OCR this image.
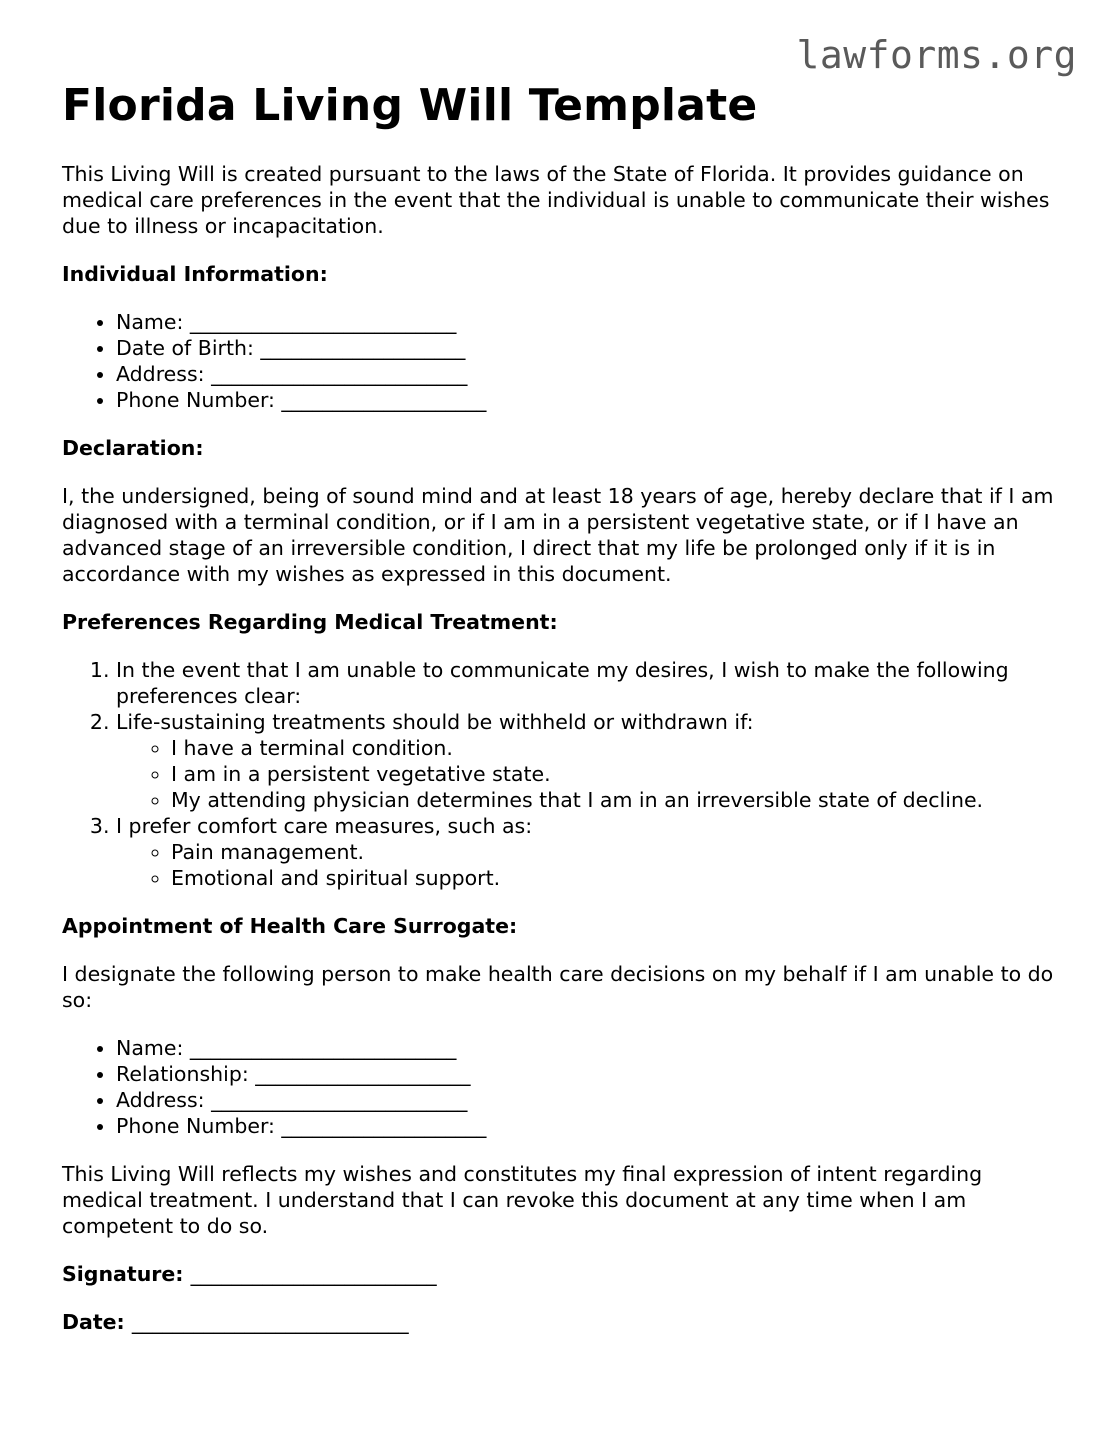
lawforms.org
Florida Living Will Template

This Living Will is created pursuant to the laws of the State of Florida. It provides guidance on medical care preferences in the event that the individual is unable to communicate their wishes due to illness or incapacitation.

Individual Information:
• Name: __________________________
• Date of Birth: ____________________
• Address: _________________________
• Phone Number: ____________________
Declaration:

I, the undersigned, being of sound mind and at least 18 years of age, hereby declare that if I am diagnosed with a terminal condition, or if I am in a persistent vegetative state, or if I have an advanced stage of an irreversible condition, I direct that my life be prolonged only if it is in accordance with my wishes as expressed in this document.

Preferences Regarding Medical Treatment:
1. In the event that I am unable to communicate my desires, I wish to make the following preferences clear:
2. Life-sustaining treatments should be withheld or withdrawn if:
◦ I have a terminal condition.
◦ I am in a persistent vegetative state.
◦ My attending physician determines that I am in an irreversible state of decline.
3. I prefer comfort care measures, such as:
◦ Pain management.
◦ Emotional and spiritual support.
Appointment of Health Care Surrogate:

I designate the following person to make health care decisions on my behalf if I am unable to do so:

• Name: __________________________
• Relationship: _____________________
• Address: _________________________
• Phone Number: ____________________

This Living Will reflects my wishes and constitutes my final expression of intent regarding medical treatment. I understand that I can revoke this document at any time when I am competent to do so.

Signature: ________________________
Date: ___________________________
